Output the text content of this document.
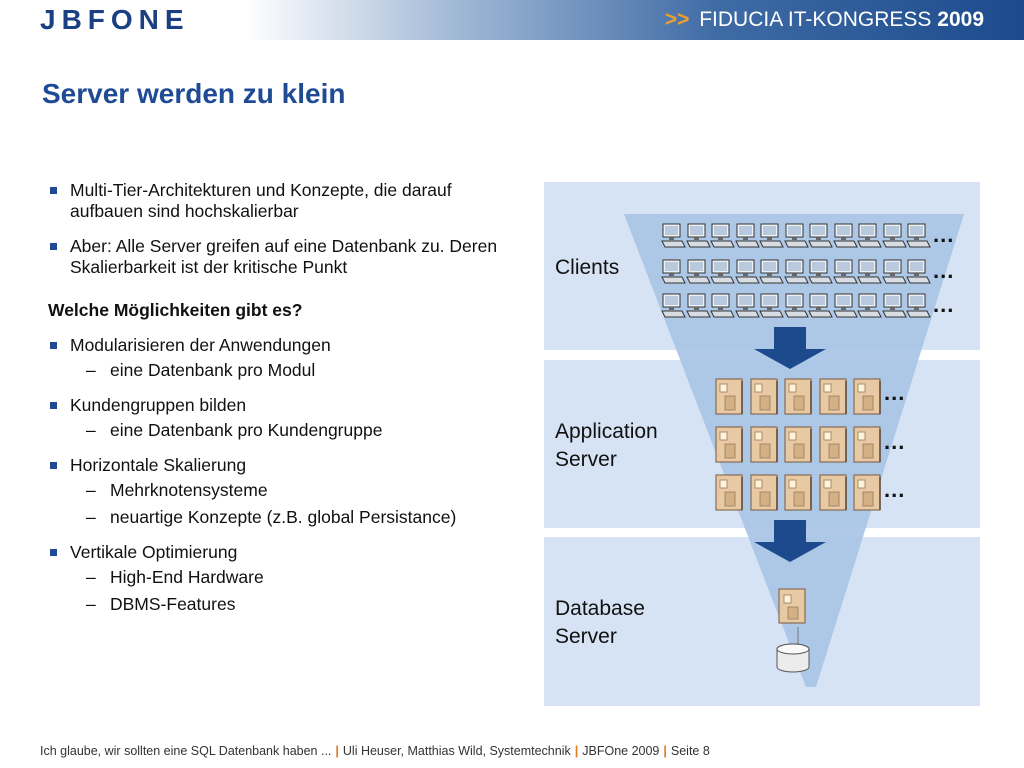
JBFONE	>> FIDUCIA IT-KONGRESS 2009
Server werden zu klein
Multi-Tier-Architekturen und Konzepte, die darauf aufbauen sind hochskalierbar
Aber: Alle Server greifen auf eine Datenbank zu. Deren Skalierbarkeit ist der kritische Punkt
Welche Möglichkeiten gibt es?
Modularisieren der Anwendungen
– eine Datenbank pro Modul
Kundengruppen bilden
– eine Datenbank pro Kundengruppe
Horizontale Skalierung
– Mehrknotensysteme
– neuartige Konzepte (z.B. global Persistance)
Vertikale Optimierung
– High-End Hardware
– DBMS-Features
Clients
Application
Server
Database
Server
...
...
...
...
...
...
Ich glaube, wir sollten eine SQL Datenbank haben ... | Uli Heuser, Matthias Wild, Systemtechnik | JBFOne 2009 | Seite 8
